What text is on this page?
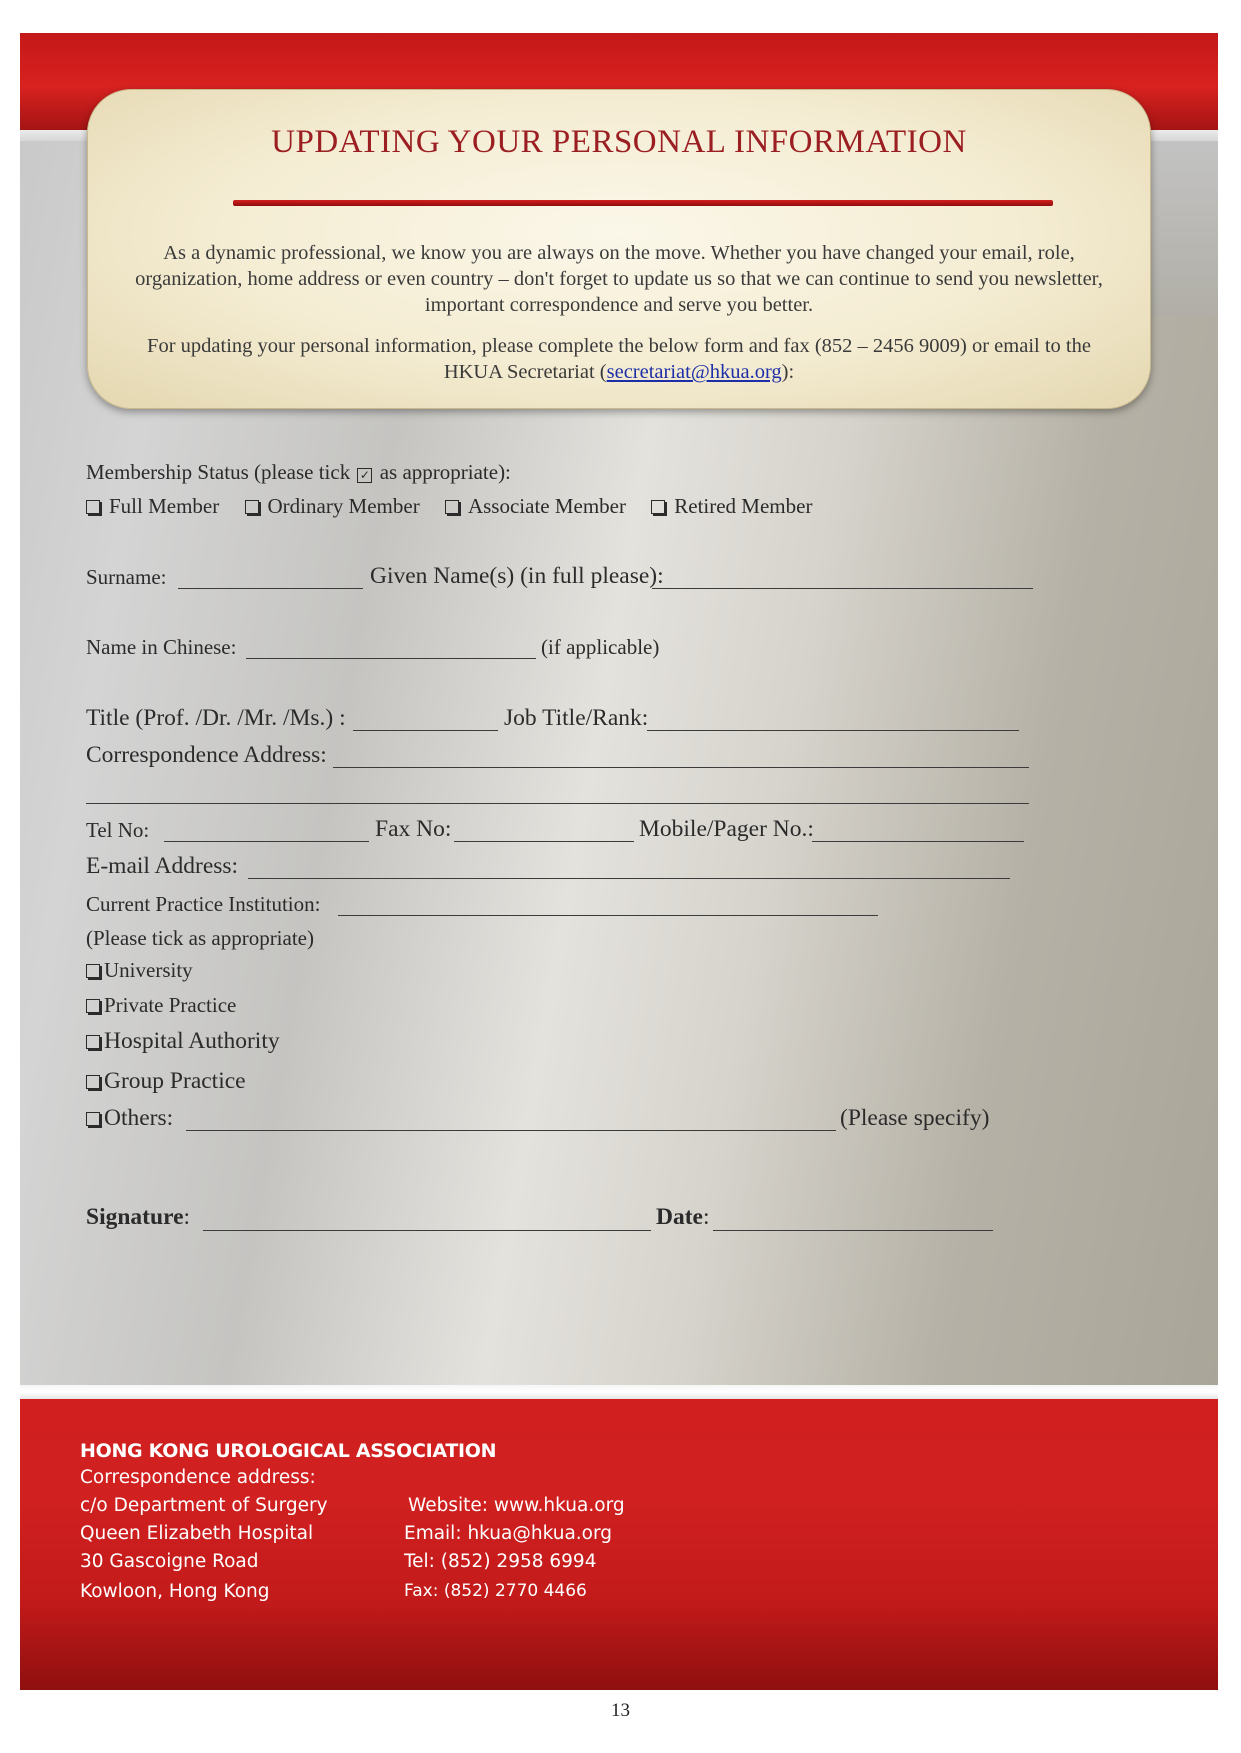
UPDATING YOUR PERSONAL INFORMATION
As a dynamic professional, we know you are always on the move. Whether you have changed your email, role, organization, home address or even country – don't forget to update us so that we can continue to send you newsletter, important correspondence and serve you better.
For updating your personal information, please complete the below form and fax (852 – 2456 9009) or email to the HKUA Secretariat (secretariat@hkua.org):
Membership Status (please tick ✓ as appropriate):
Full Member Ordinary Member Associate Member Retired Member
Surname:	Given Name(s) (in full please):
Name in Chinese:	(if applicable)
Title (Prof. /Dr. /Mr. /Ms.) :	Job Title/Rank:
Correspondence Address:
Tel No:	Fax No:	Mobile/Pager No.:
E-mail Address:
Current Practice Institution:
(Please tick as appropriate)
University
Private Practice
Hospital Authority
Group Practice
Others:	(Please specify)
Signature:	Date:
HONG KONG UROLOGICAL ASSOCIATION
Correspondence address:
c/o Department of Surgery
Queen Elizabeth Hospital
30 Gascoigne Road
Kowloon, Hong Kong
Website: www.hkua.org
Email: hkua@hkua.org
Tel: (852) 2958 6994
Fax: (852) 2770 4466
13
